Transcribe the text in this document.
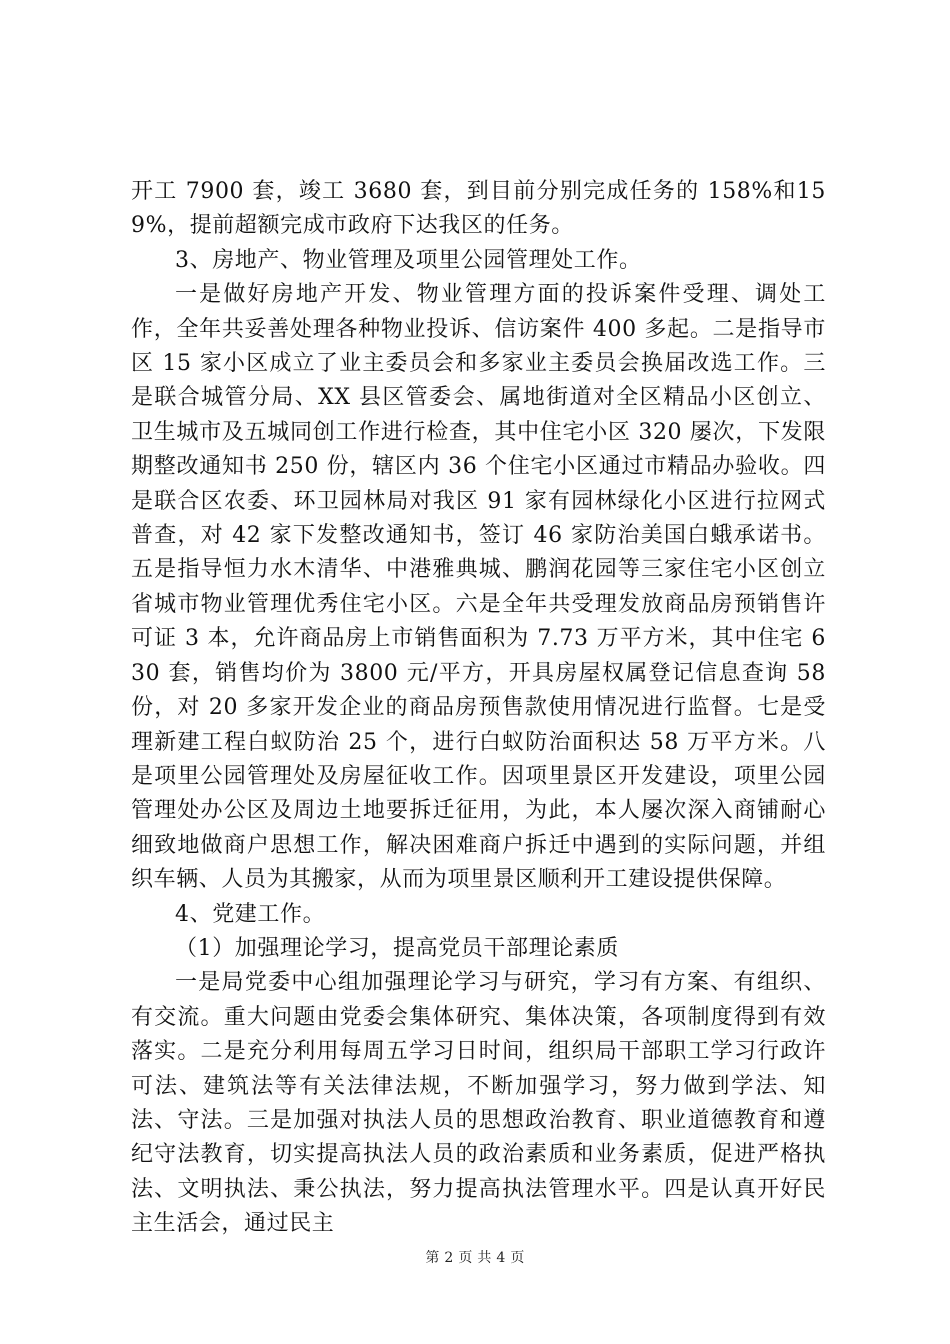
开工 7900 套，竣工 3680 套，到目前分别完成任务的 158%和159%，提前超额完成市政府下达我区的任务。

3、房地产、物业管理及项里公园管理处工作。

一是做好房地产开发、物业管理方面的投诉案件受理、调处工作，全年共妥善处理各种物业投诉、信访案件 400 多起。二是指导市区 15 家小区成立了业主委员会和多家业主委员会换届改选工作。三是联合城管分局、XX 县区管委会、属地街道对全区精品小区创立、卫生城市及五城同创工作进行检查，其中住宅小区 320 屡次，下发限期整改通知书 250 份，辖区内 36 个住宅小区通过市精品办验收。四是联合区农委、环卫园林局对我区 91 家有园林绿化小区进行拉网式普查，对 42 家下发整改通知书，签订 46 家防治美国白蛾承诺书。五是指导恒力水木清华、中港雅典城、鹏润花园等三家住宅小区创立省城市物业管理优秀住宅小区。六是全年共受理发放商品房预销售许可证 3 本，允许商品房上市销售面积为 7.73 万平方米，其中住宅 630 套，销售均价为 3800 元/平方，开具房屋权属登记信息查询 58 份，对 20 多家开发企业的商品房预售款使用情况进行监督。七是受理新建工程白蚁防治 25 个，进行白蚁防治面积达 58 万平方米。八是项里公园管理处及房屋征收工作。因项里景区开发建设，项里公园管理处办公区及周边土地要拆迁征用，为此，本人屡次深入商铺耐心细致地做商户思想工作，解决困难商户拆迁中遇到的实际问题，并组织车辆、人员为其搬家，从而为项里景区顺利开工建设提供保障。

4、党建工作。

（1）加强理论学习，提高党员干部理论素质

一是局党委中心组加强理论学习与研究，学习有方案、有组织、有交流。重大问题由党委会集体研究、集体决策，各项制度得到有效落实。二是充分利用每周五学习日时间，组织局干部职工学习行政许可法、建筑法等有关法律法规，不断加强学习，努力做到学法、知法、守法。三是加强对执法人员的思想政治教育、职业道德教育和遵纪守法教育，切实提高执法人员的政治素质和业务素质，促进严格执法、文明执法、秉公执法，努力提高执法管理水平。四是认真开好民主生活会，通过民主

第 2 页 共 4 页
